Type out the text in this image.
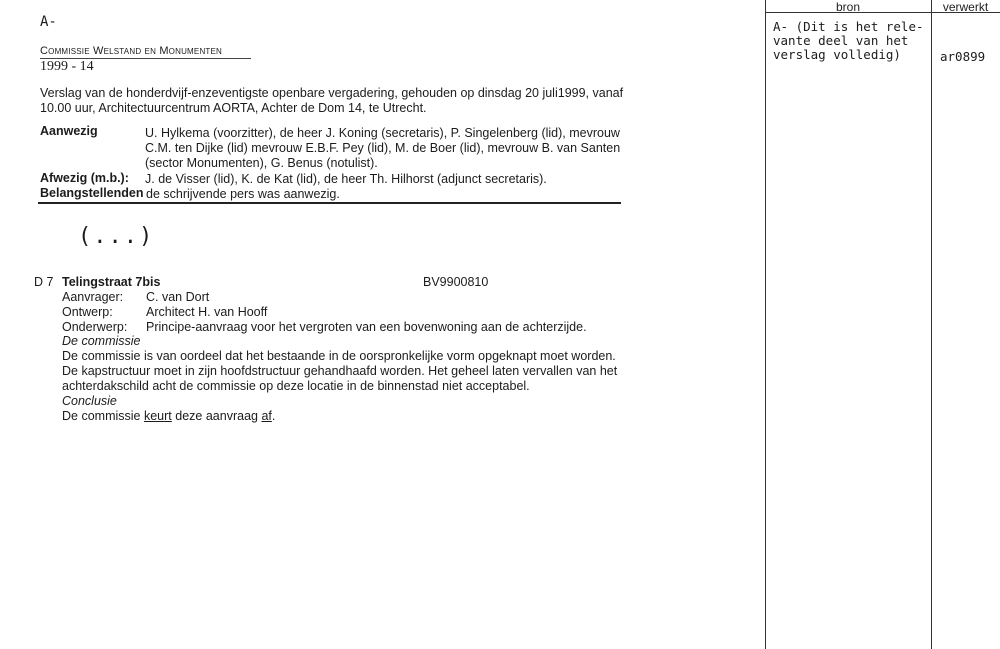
bron	verwerkt
A- (Dit is het rele-
vante deel van het
verslag volledig)	ar0899
A-
Commissie Welstand en Monumenten
1999 - 14
Verslag van de honderdvijf-enzeventigste openbare vergadering, gehouden op dinsdag 20 juli1999, vanaf
10.00 uur, Architectuurcentrum AORTA, Achter de Dom 14, te Utrecht.
Aanwezig	U. Hylkema (voorzitter), de heer J. Koning (secretaris), P. Singelenberg (lid), mevrouw
C.M. ten Dijke (lid) mevrouw E.B.F. Pey (lid), M. de Boer (lid), mevrouw B. van Santen
(sector Monumenten), G. Benus (notulist).
Afwezig (m.b.): J. de Visser (lid), K. de Kat (lid), de heer Th. Hilhorst (adjunct secretaris).
Belangstellenden de schrijvende pers was aanwezig.
(...)
D 7 Telingstraat 7bis	BV9900810
Aanvrager: C. van Dort
Ontwerp:	Architect H. van Hooff
Onderwerp: Principe-aanvraag voor het vergroten van een bovenwoning aan de achterzijde.
De commissie
De commissie is van oordeel dat het bestaande in de oorspronkelijke vorm opgeknapt moet worden.
De kapstructuur moet in zijn hoofdstructuur gehandhaafd worden. Het geheel laten vervallen van het
achterdakschild acht de commissie op deze locatie in de binnenstad niet acceptabel.
Conclusie
De commissie keurt deze aanvraag af.
